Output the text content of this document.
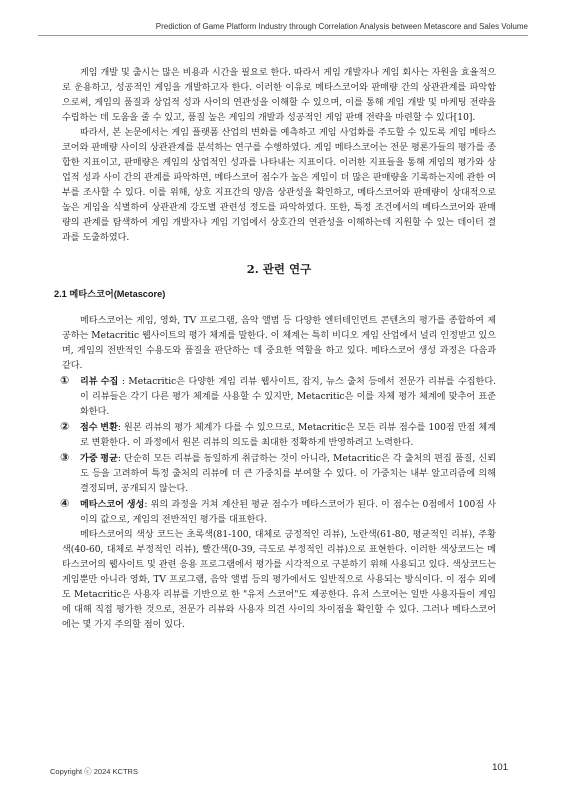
Prediction of Game Platform Industry through Correlation Analysis between Metascore and Sales Volume

게임 개발 및 출시는 많은 비용과 시간을 필요로 한다. 따라서 게임 개발자나 게임 회사는 자원을 효율적으로 운용하고, 성공적인 게임을 개발하고자 한다. 이러한 이유로 메타스코어와 판매량 간의 상관관계를 파악함으로써, 게임의 품질과 상업적 성과 사이의 연관성을 이해할 수 있으며, 이를 통해 게임 개발 및 마케팅 전략을 수립하는 데 도움을 줄 수 있고, 품질 높은 게임의 개발과 성공적인 게임 판매 전략을 마련할 수 있다[10].

따라서, 본 논문에서는 게임 플랫폼 산업의 변화를 예측하고 게임 사업화를 주도할 수 있도록 게임 메타스코어와 판매량 사이의 상관관계를 분석하는 연구를 수행하였다. 게임 메타스코어는 전문 평론가들의 평가를 종합한 지표이고, 판매량은 게임의 상업적인 성과를 나타내는 지표이다. 이러한 지표들을 통해 게임의 평가와 상업적 성과 사이 간의 관계를 파악하면, 메타스코어 점수가 높은 게임이 더 많은 판매량을 기록하는지에 관한 여부를 조사할 수 있다. 이를 위해, 상호 지표간의 양/음 상관성을 확인하고, 메타스코어와 판매량이 상대적으로 높은 게임을 식별하여 상관관계 강도별 관련성 정도를 파악하였다. 또한, 특정 조건에서의 메타스코어와 판매량의 관계를 탐색하여 게임 개발자나 게임 기업에서 상호간의 연관성을 이해하는데 지원할 수 있는 데이터 결과를 도출하였다.

2. 관련 연구
2.1 메타스코어(Metascore)

메타스코어는 게임, 영화, TV 프로그램, 음악 앨범 등 다양한 엔터테인먼트 콘텐츠의 평가를 종합하여 제공하는 Metacritic 웹사이트의 평가 체계를 말한다. 이 체계는 특히 비디오 게임 산업에서 널리 인정받고 있으며, 게임의 전반적인 수용도와 품질을 판단하는 데 중요한 역할을 하고 있다. 메타스코어 생성 과정은 다음과 같다.

① 리뷰 수집 : Metacritic은 다양한 게임 리뷰 웹사이트, 잡지, 뉴스 출처 등에서 전문가 리뷰를 수집한다. 이 리뷰들은 각기 다른 평가 체계를 사용할 수 있지만, Metacritic은 이를 자체 평가 체계에 맞추어 표준화한다.
② 점수 변환: 원본 리뷰의 평가 체계가 다를 수 있으므로, Metacritic은 모든 리뷰 점수를 100점 만점 체계로 변환한다. 이 과정에서 원본 리뷰의 의도를 최대한 정확하게 반영하려고 노력한다.
③ 가중 평균: 단순히 모든 리뷰를 동일하게 취급하는 것이 아니라, Metacritic은 각 출처의 편집 품질, 신뢰도 등을 고려하여 특정 출처의 리뷰에 더 큰 가중치를 부여할 수 있다. 이 가중치는 내부 알고리즘에 의해 결정되며, 공개되지 않는다.
④ 메타스코어 생성: 위의 과정을 거쳐 계산된 평균 점수가 메타스코어가 된다. 이 점수는 0점에서 100점 사이의 값으로, 게임의 전반적인 평가를 대표한다.

메타스코어의 색상 코드는 초록색(81-100, 대체로 긍정적인 리뷰), 노란색(61-80, 평균적인 리뷰), 주황색(40-60, 대체로 부정적인 리뷰), 빨간색(0-39, 극도로 부정적인 리뷰)으로 표현한다. 이러한 색상코드는 메타스코어의 웹사이트 및 관련 응용 프로그램에서 평가를 시각적으로 구분하기 위해 사용되고 있다. 색상코드는 게임뿐만 아니라 영화, TV 프로그램, 음악 앨범 등의 평가에서도 일반적으로 사용되는 방식이다. 이 점수 외에도 Metacritic은 사용자 리뷰를 기반으로 한 "유저 스코어"도 제공한다. 유저 스코어는 일반 사용자들이 게임에 대해 직접 평가한 것으로, 전문가 리뷰와 사용자 의견 사이의 차이점을 확인할 수 있다. 그러나 메타스코어에는 몇 가지 주의할 점이 있다.

Copyright ⓒ 2024 KCTRS	101
